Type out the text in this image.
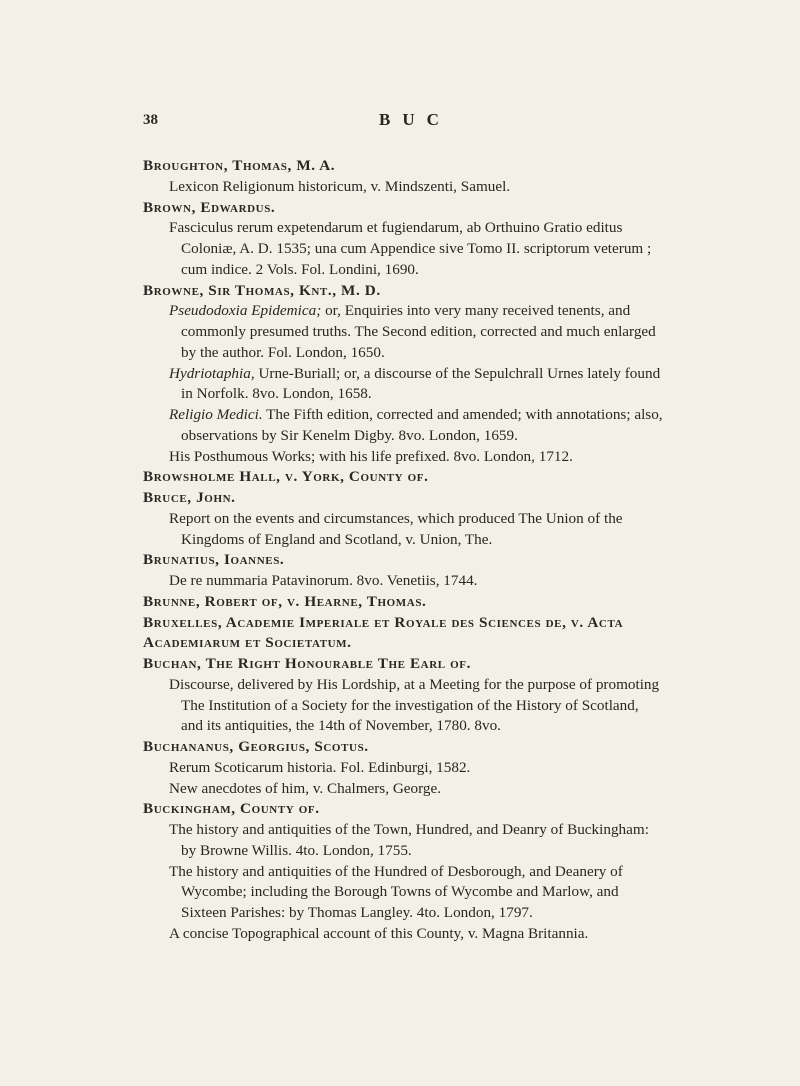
38	BUC
Broughton, Thomas, M. A.
Lexicon Religionum historicum, v. Mindszenti, Samuel.
Brown, Edwardus.
Fasciculus rerum expetendarum et fugiendarum, ab Orthuino Gratio editus Coloniæ, A. D. 1535; una cum Appendice sive Tomo II. scriptorum veterum ; cum indice. 2 Vols. Fol. Londini, 1690.
Browne, Sir Thomas, Knt., M. D.
Pseudodoxia Epidemica; or, Enquiries into very many received tenents, and commonly presumed truths. The Second edition, corrected and much enlarged by the author. Fol. London, 1650.
Hydriotaphia, Urne-Buriall; or, a discourse of the Sepulchrall Urnes lately found in Norfolk. 8vo. London, 1658.
Religio Medici. The Fifth edition, corrected and amended; with annotations; also, observations by Sir Kenelm Digby. 8vo. London, 1659.
His Posthumous Works; with his life prefixed. 8vo. London, 1712.
Browsholme Hall, v. York, County of.
Bruce, John.
Report on the events and circumstances, which produced The Union of the Kingdoms of England and Scotland, v. Union, The.
Brunatius, Ioannes.
De re nummaria Patavinorum. 8vo. Venetiis, 1744.
Brunne, Robert of, v. Hearne, Thomas.
Bruxelles, Academie Imperiale et Royale des Sciences de, v. Acta Academiarum et Societatum.
Buchan, The Right Honourable The Earl of.
Discourse, delivered by His Lordship, at a Meeting for the purpose of promoting The Institution of a Society for the investigation of the History of Scotland, and its antiquities, the 14th of November, 1780. 8vo.
Buchananus, Georgius, Scotus.
Rerum Scoticarum historia. Fol. Edinburgi, 1582.
New anecdotes of him, v. Chalmers, George.
Buckingham, County of.
The history and antiquities of the Town, Hundred, and Deanry of Buckingham: by Browne Willis. 4to. London, 1755.
The history and antiquities of the Hundred of Desborough, and Deanery of Wycombe; including the Borough Towns of Wycombe and Marlow, and Sixteen Parishes: by Thomas Langley. 4to. London, 1797.
A concise Topographical account of this County, v. Magna Britannia.
